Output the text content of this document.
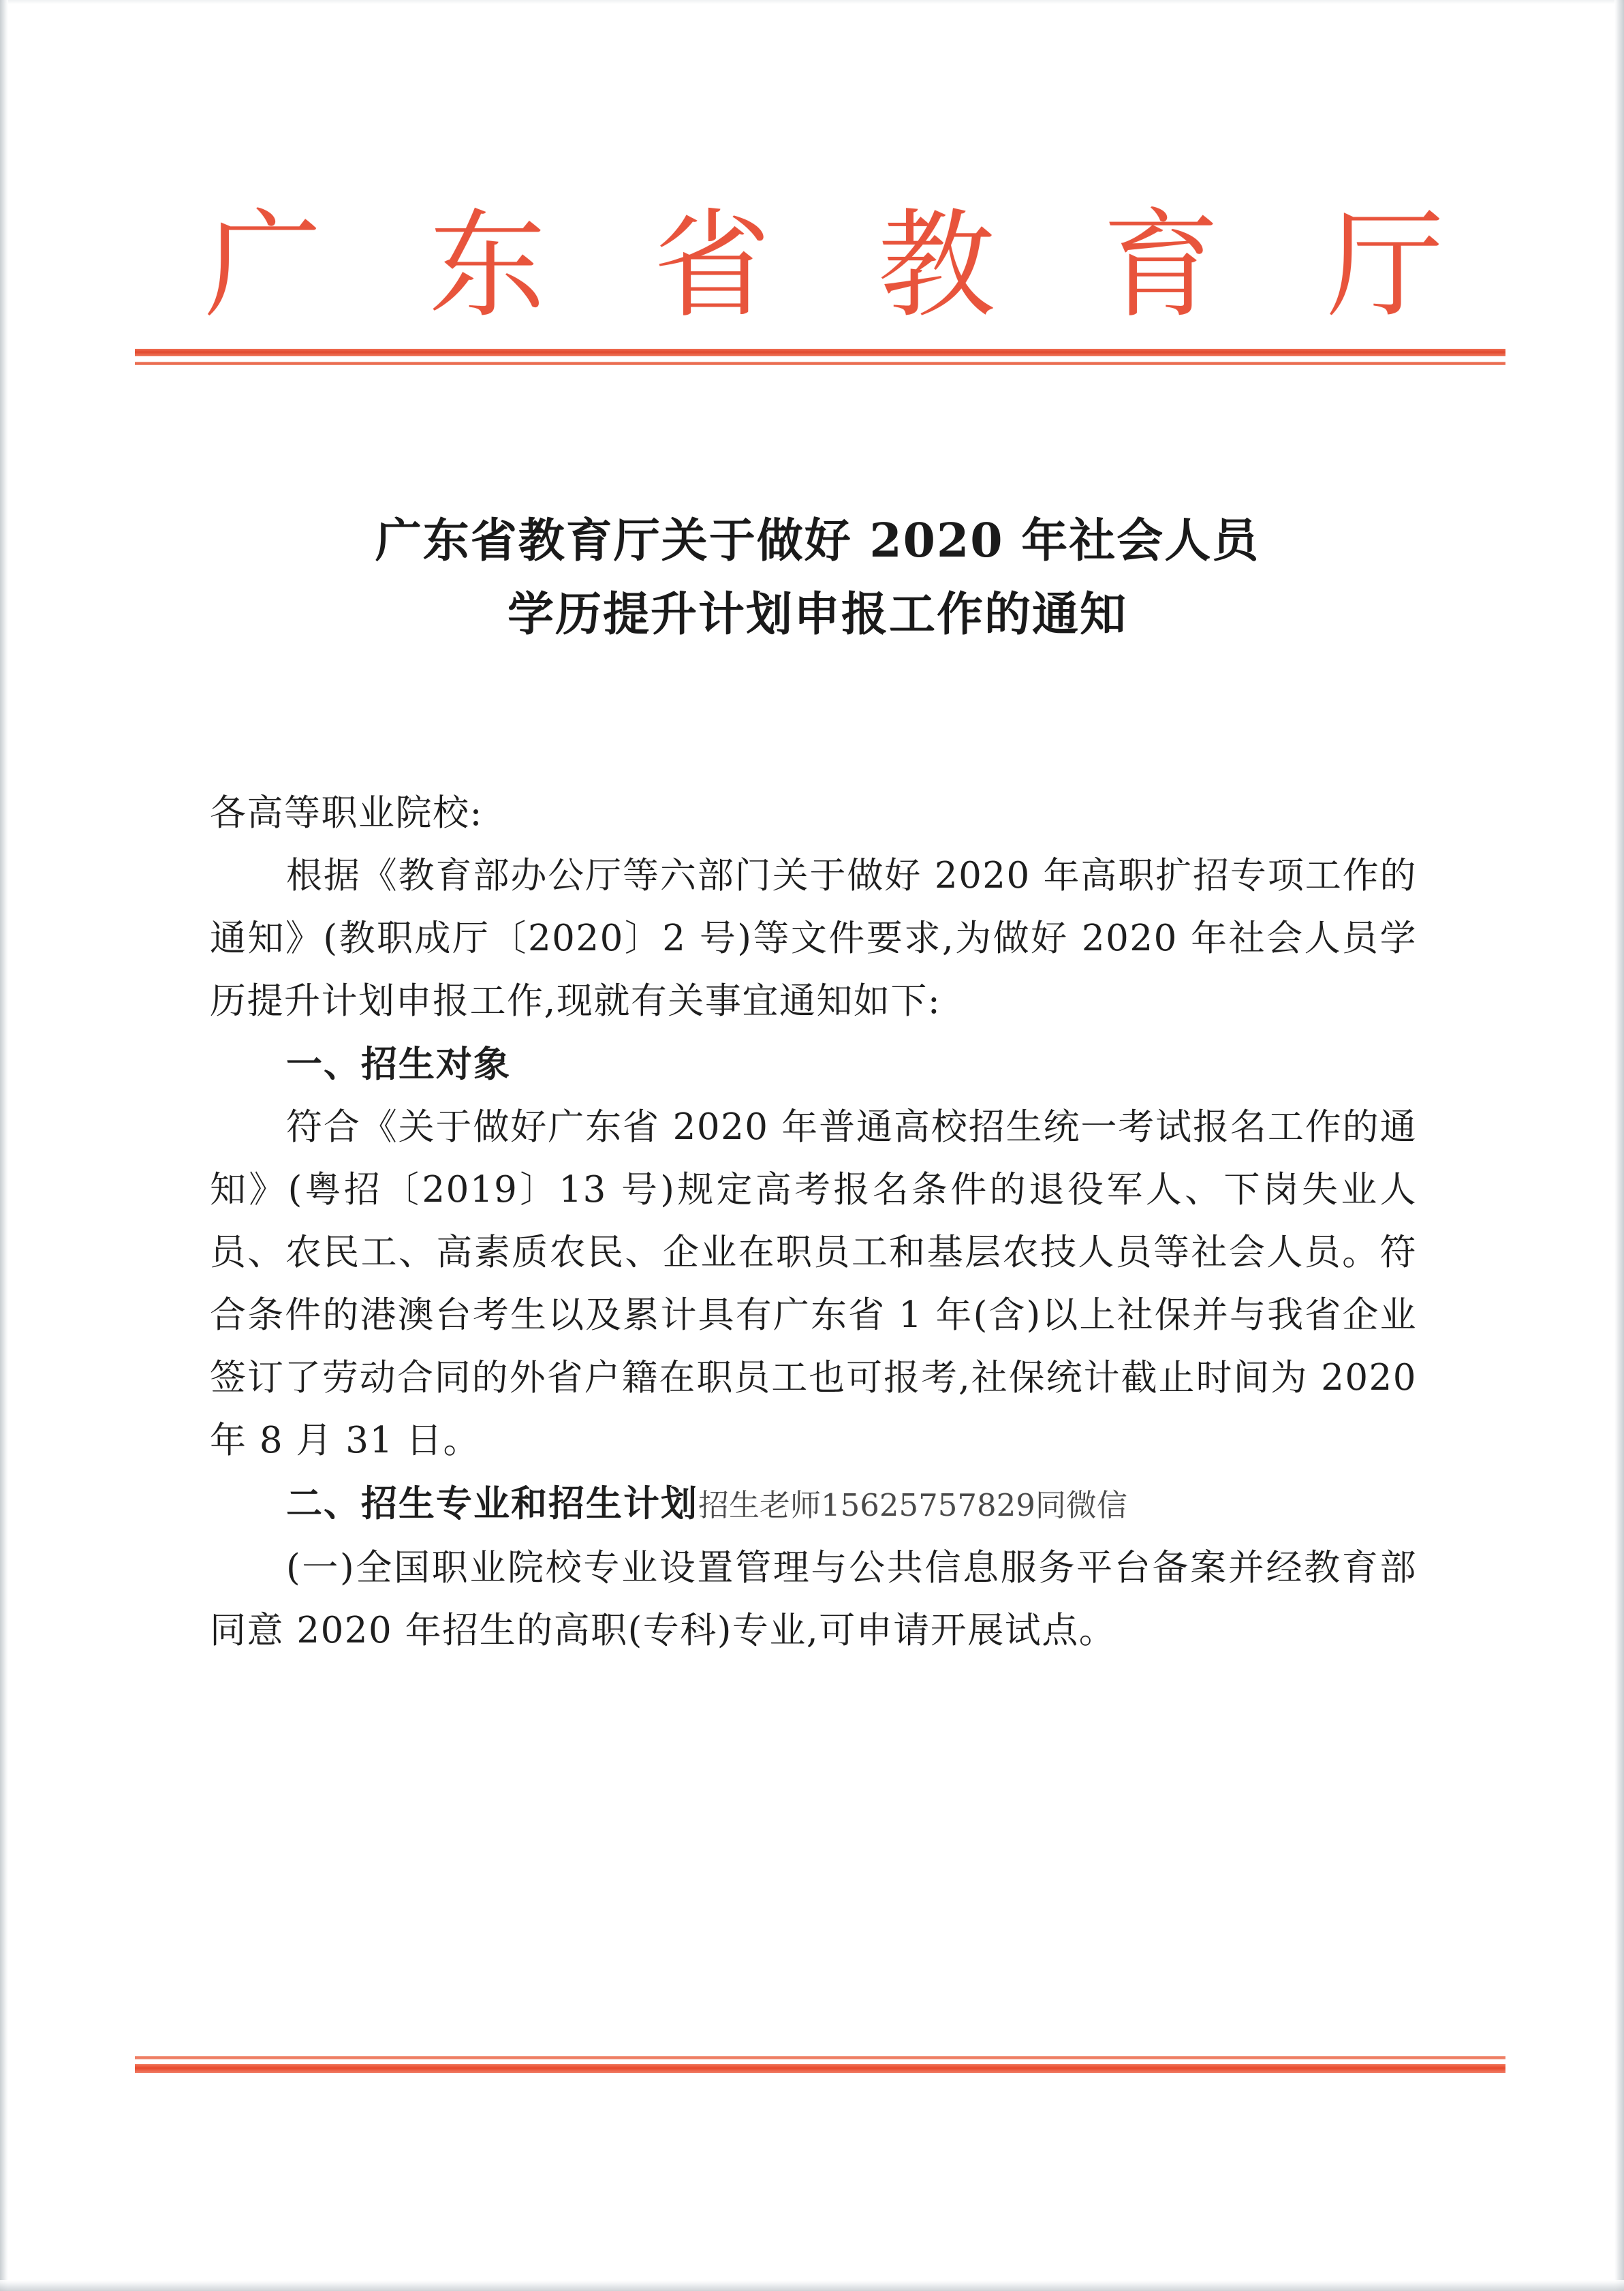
广 东 省 教 育 厅
广东省教育厅关于做好 2020 年社会人员
学历提升计划申报工作的通知

各高等职业院校:

根据《教育部办公厅等六部门关于做好 2020 年高职扩招专项工作的通知》(教职成厅〔2020〕2 号)等文件要求,为做好 2020 年社会人员学历提升计划申报工作,现就有关事宜通知如下:

一、招生对象

符合《关于做好广东省 2020 年普通高校招生统一考试报名工作的通知》(粤招〔2019〕13 号)规定高考报名条件的退役军人、下岗失业人员、农民工、高素质农民、企业在职员工和基层农技人员等社会人员。符合条件的港澳台考生以及累计具有广东省 1 年(含)以上社保并与我省企业签订了劳动合同的外省户籍在职员工也可报考,社保统计截止时间为 2020 年 8 月 31 日。

二、招生专业和招生计划招生老师15625757829同微信

(一)全国职业院校专业设置管理与公共信息服务平台备案并经教育部同意 2020 年招生的高职(专科)专业,可申请开展试点。
